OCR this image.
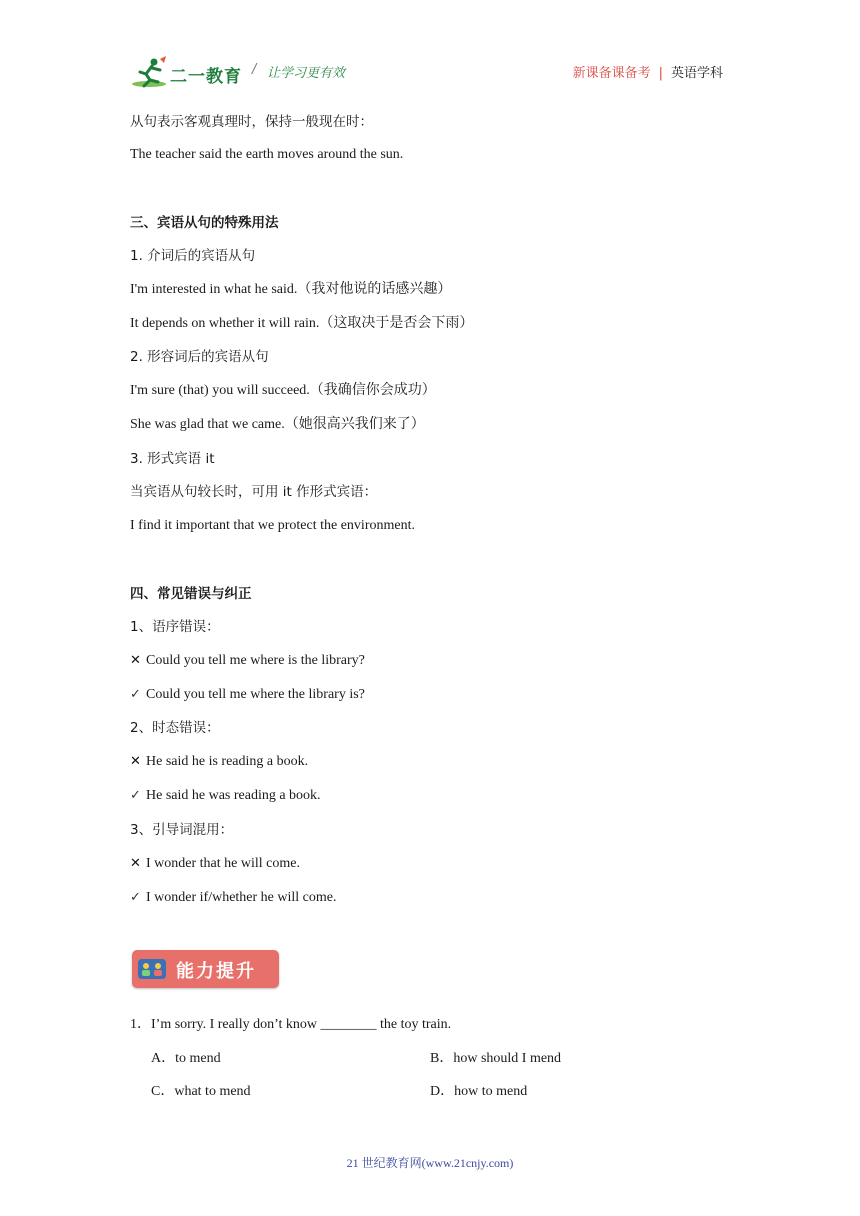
二一教育 / 让学习更有效	新课备课备考 | 英语学科
从句表示客观真理时，保持一般现在时：
The teacher said the earth moves around the sun.
三、宾语从句的特殊用法
1. 介词后的宾语从句
I'm interested in what he said.（我对他说的话感兴趣）
It depends on whether it will rain.（这取决于是否会下雨）
2. 形容词后的宾语从句
I'm sure (that) you will succeed.（我确信你会成功）
She was glad that we came.（她很高兴我们来了）
3. 形式宾语 it
当宾语从句较长时，可用 it 作形式宾语：
I find it important that we protect the environment.
四、常见错误与纠正
1、语序错误：
✕ Could you tell me where is the library?
✓ Could you tell me where the library is?
2、时态错误：
✕ He said he is reading a book.
✓ He said he was reading a book.
3、引导词混用：
✕ I wonder that he will come.
✓ I wonder if/whether he will come.
能力提升
1．I’m sorry. I really don’t know ________ the toy train.
A．to mend	B．how should I mend
C．what to mend	D．how to mend
21 世纪教育网(www.21cnjy.com)
